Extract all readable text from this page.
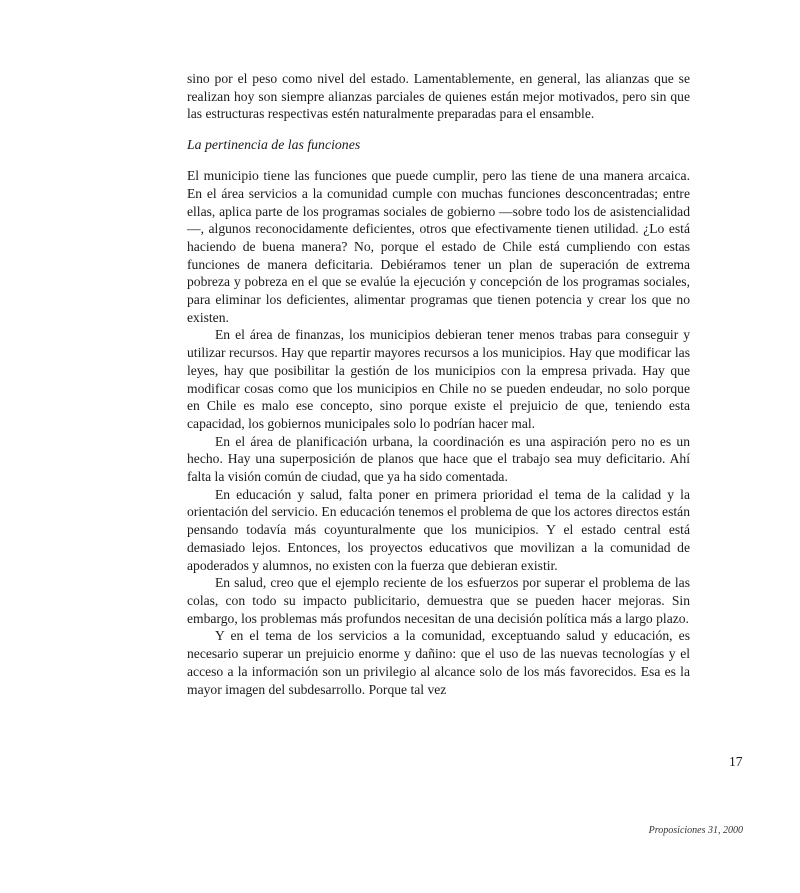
sino por el peso como nivel del estado. Lamentablemente, en general, las alianzas que se realizan hoy son siempre alianzas parciales de quienes están mejor motivados, pero sin que las estructuras respectivas estén naturalmente preparadas para el ensamble.

La pertinencia de las funciones

El municipio tiene las funciones que puede cumplir, pero las tiene de una manera arcaica. En el área servicios a la comunidad cumple con muchas funciones desconcentradas; entre ellas, aplica parte de los programas sociales de gobierno —sobre todo los de asistencialidad—, algunos reconocidamente deficientes, otros que efectivamente tienen utilidad. ¿Lo está haciendo de buena manera? No, porque el estado de Chile está cumpliendo con estas funciones de manera deficitaria. Debiéramos tener un plan de superación de extrema pobreza y pobreza en el que se evalúe la ejecución y concepción de los programas sociales, para eliminar los deficientes, alimentar programas que tienen potencia y crear los que no existen.

En el área de finanzas, los municipios debieran tener menos trabas para conseguir y utilizar recursos. Hay que repartir mayores recursos a los municipios. Hay que modificar las leyes, hay que posibilitar la gestión de los municipios con la empresa privada. Hay que modificar cosas como que los municipios en Chile no se pueden endeudar, no solo porque en Chile es malo ese concepto, sino porque existe el prejuicio de que, teniendo esta capacidad, los gobiernos municipales solo lo podrían hacer mal.

En el área de planificación urbana, la coordinación es una aspiración pero no es un hecho. Hay una superposición de planos que hace que el trabajo sea muy deficitario. Ahí falta la visión común de ciudad, que ya ha sido comentada.

En educación y salud, falta poner en primera prioridad el tema de la calidad y la orientación del servicio. En educación tenemos el problema de que los actores directos están pensando todavía más coyunturalmente que los municipios. Y el estado central está demasiado lejos. Entonces, los proyectos educativos que movilizan a la comunidad de apoderados y alumnos, no existen con la fuerza que debieran existir.

En salud, creo que el ejemplo reciente de los esfuerzos por superar el problema de las colas, con todo su impacto publicitario, demuestra que se pueden hacer mejoras. Sin embargo, los problemas más profundos necesitan de una decisión política más a largo plazo.

Y en el tema de los servicios a la comunidad, exceptuando salud y educación, es necesario superar un prejuicio enorme y dañino: que el uso de las nuevas tecnologías y el acceso a la información son un privilegio al alcance solo de los más favorecidos. Esa es la mayor imagen del subdesarrollo. Porque tal vez

17
Proposiciones 31, 2000
